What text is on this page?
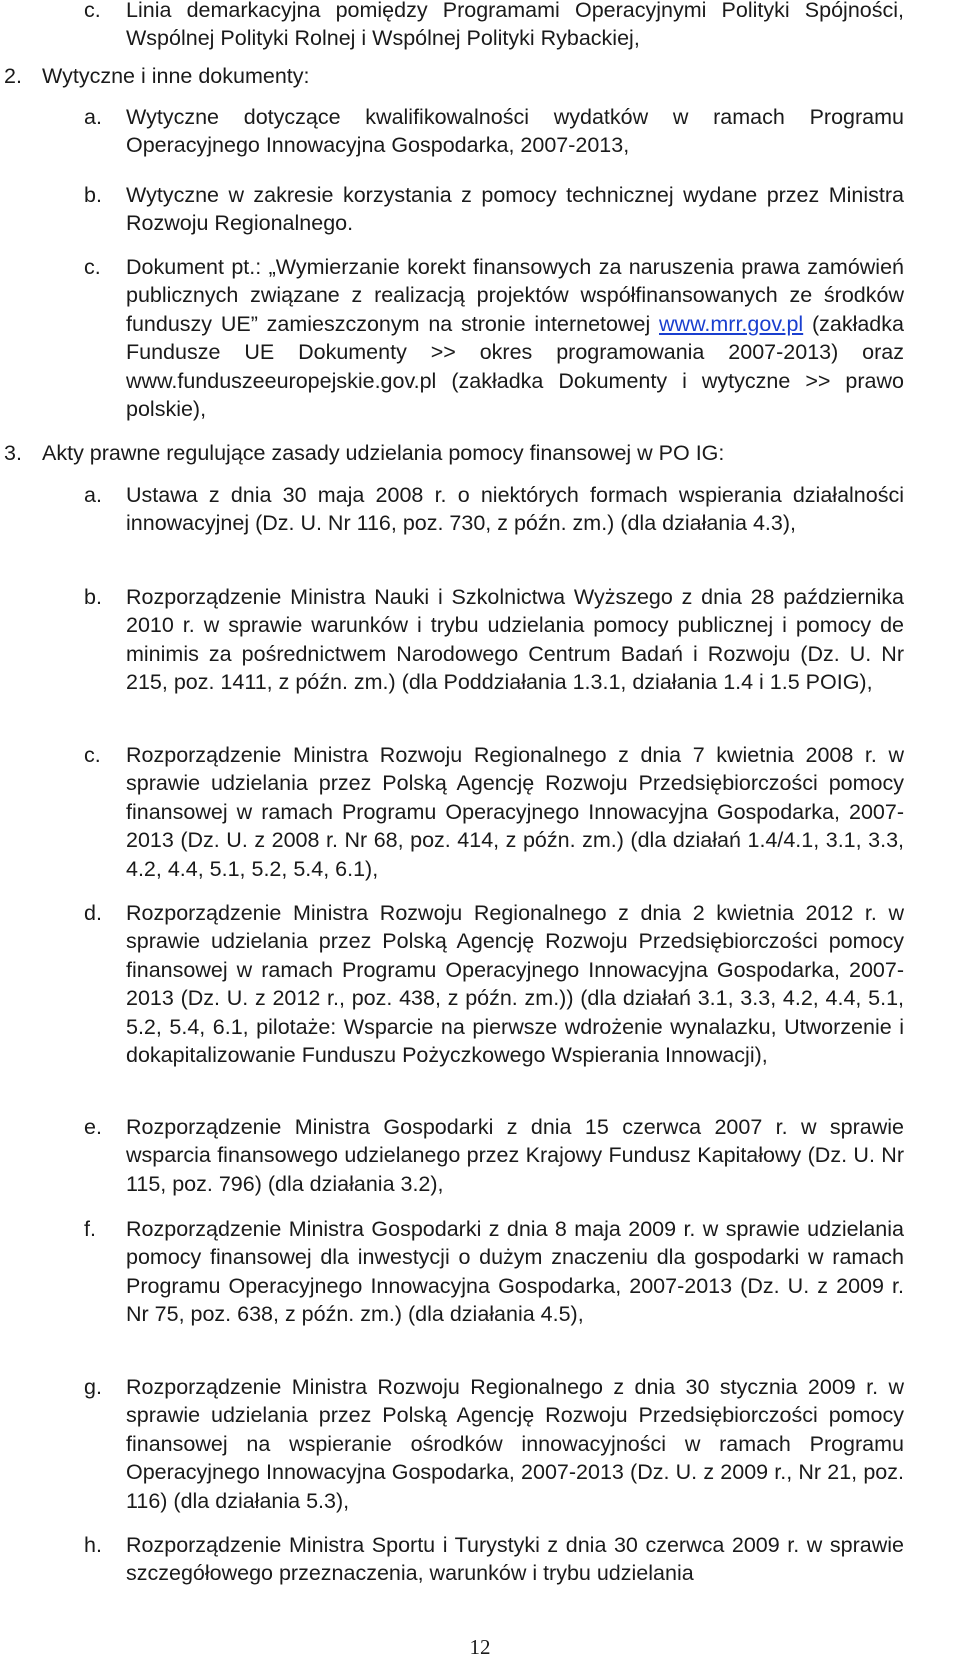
c.	Linia demarkacyjna pomiędzy Programami Operacyjnymi Polityki Spójności, Wspólnej Polityki Rolnej i Wspólnej Polityki Rybackiej,
2. Wytyczne i inne dokumenty:
a.	Wytyczne dotyczące kwalifikowalności wydatków w ramach Programu Operacyjnego Innowacyjna Gospodarka, 2007-2013,
b.	Wytyczne w zakresie korzystania z pomocy technicznej wydane przez Ministra Rozwoju Regionalnego.
c.	Dokument pt.: „Wymierzanie korekt finansowych za naruszenia prawa zamówień publicznych związane z realizacją projektów współfinansowanych ze środków funduszy UE” zamieszczonym na stronie internetowej www.mrr.gov.pl (zakładka Fundusze UE Dokumenty >> okres programowania 2007-2013) oraz www.funduszeeuropejskie.gov.pl (zakładka Dokumenty i wytyczne >> prawo polskie),
3. Akty prawne regulujące zasady udzielania pomocy finansowej w PO IG:
a.	Ustawa z dnia 30 maja 2008 r. o niektórych formach wspierania działalności innowacyjnej (Dz. U. Nr 116, poz. 730, z późn. zm.) (dla działania 4.3),
b.	Rozporządzenie Ministra Nauki i Szkolnictwa Wyższego z dnia 28 października 2010 r. w sprawie warunków i trybu udzielania pomocy publicznej i pomocy de minimis za pośrednictwem Narodowego Centrum Badań i Rozwoju (Dz. U. Nr 215, poz. 1411, z późn. zm.) (dla Poddziałania 1.3.1, działania 1.4 i 1.5 POIG),
c.	Rozporządzenie Ministra Rozwoju Regionalnego z dnia 7 kwietnia 2008 r. w sprawie udzielania przez Polską Agencję Rozwoju Przedsiębiorczości pomocy finansowej w ramach Programu Operacyjnego Innowacyjna Gospodarka, 2007-2013 (Dz. U. z 2008 r. Nr 68, poz. 414, z późn. zm.) (dla działań 1.4/4.1, 3.1, 3.3, 4.2, 4.4, 5.1, 5.2, 5.4, 6.1),
d.	Rozporządzenie Ministra Rozwoju Regionalnego z dnia 2 kwietnia 2012 r. w sprawie udzielania przez Polską Agencję Rozwoju Przedsiębiorczości pomocy finansowej w ramach Programu Operacyjnego Innowacyjna Gospodarka, 2007-2013 (Dz. U. z 2012 r., poz. 438, z późn. zm.)) (dla działań 3.1, 3.3, 4.2, 4.4, 5.1, 5.2, 5.4, 6.1, pilotaże: Wsparcie na pierwsze wdrożenie wynalazku, Utworzenie i dokapitalizowanie Funduszu Pożyczkowego Wspierania Innowacji),
e.	Rozporządzenie Ministra Gospodarki z dnia 15 czerwca 2007 r. w sprawie wsparcia finansowego udzielanego przez Krajowy Fundusz Kapitałowy (Dz. U. Nr 115, poz. 796) (dla działania 3.2),
f.	Rozporządzenie Ministra Gospodarki z dnia 8 maja 2009 r. w sprawie udzielania pomocy finansowej dla inwestycji o dużym znaczeniu dla gospodarki w ramach Programu Operacyjnego Innowacyjna Gospodarka, 2007-2013 (Dz. U. z 2009 r. Nr 75, poz. 638, z późn. zm.) (dla działania 4.5),
g.	Rozporządzenie Ministra Rozwoju Regionalnego z dnia 30 stycznia 2009 r. w sprawie udzielania przez Polską Agencję Rozwoju Przedsiębiorczości pomocy finansowej na wspieranie ośrodków innowacyjności w ramach Programu Operacyjnego Innowacyjna Gospodarka, 2007-2013 (Dz. U. z 2009 r., Nr 21, poz. 116) (dla działania 5.3),
h.	Rozporządzenie Ministra Sportu i Turystyki z dnia 30 czerwca 2009 r. w sprawie szczegółowego przeznaczenia, warunków i trybu udzielania
12
